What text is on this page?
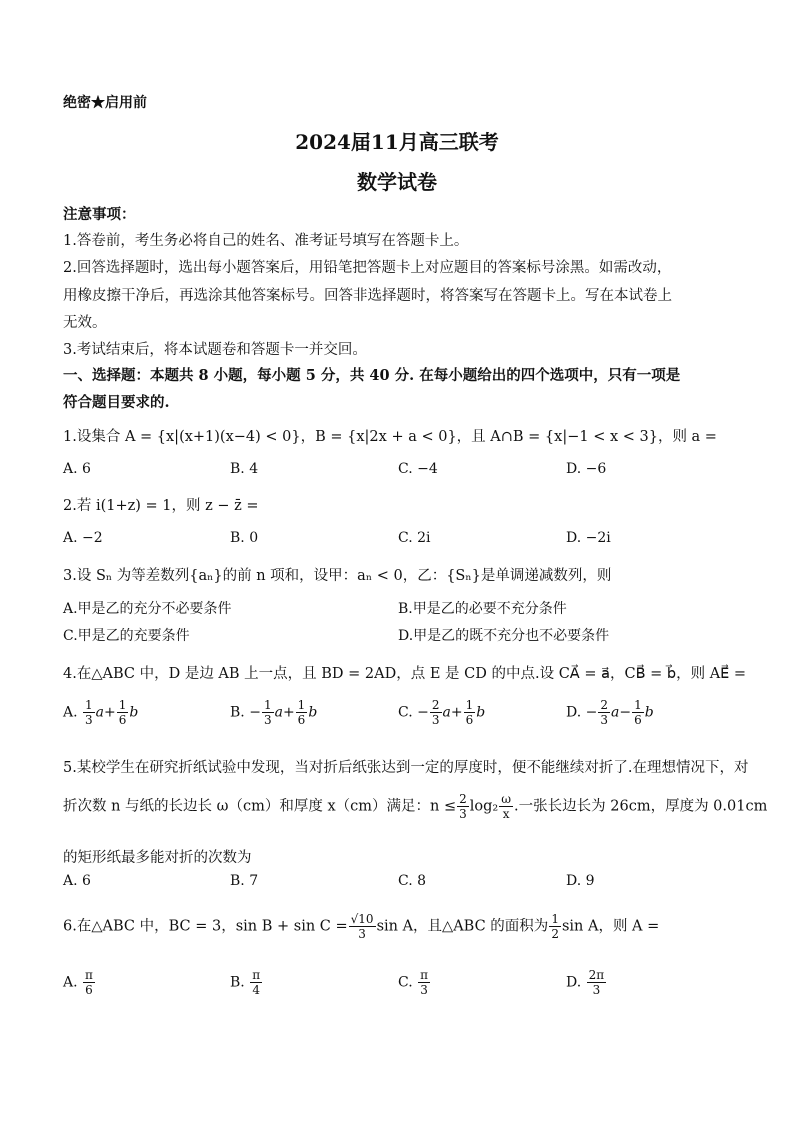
绝密★启用前
2024届11月高三联考
数学试卷
注意事项：
1.答卷前，考生务必将自己的姓名、准考证号填写在答题卡上。
2.回答选择题时，选出每小题答案后，用铅笔把答题卡上对应题目的答案标号涂黑。如需改动，
用橡皮擦干净后，再选涂其他答案标号。回答非选择题时，将答案写在答题卡上。写在本试卷上
无效。
3.考试结束后，将本试题卷和答题卡一并交回。
一、选择题：本题共 8 小题，每小题 5 分，共 40 分. 在每小题给出的四个选项中，只有一项是
符合题目要求的.
1.设集合 A = {x|(x+1)(x−4) < 0}，B = {x|2x + a < 0}，且 A∩B = {x|−1 < x < 3}，则 a =
A. 6	B. 4	C. −4	D. −6
2.若 i(1+z) = 1，则 z − z̄ =
A. −2	B. 0	C. 2i	D. −2i
3.设 Sₙ 为等差数列{aₙ}的前 n 项和，设甲：aₙ < 0，乙：{Sₙ}是单调递减数列，则
A.甲是乙的充分不必要条件	B.甲是乙的必要不充分条件
C.甲是乙的充要条件	D.甲是乙的既不充分也不必要条件
4.在△ABC 中，D 是边 AB 上一点，且 BD = 2AD，点 E 是 CD 的中点.设 CA⃗ = a⃗，CB⃗ = b⃗，则 AE⃗ =
A. $\frac{1}{3} a+ \frac{1}{6}$ b	B. − $\frac{1}{3} a+ \frac{1}{6}$ b	C. − $\frac{2}{3} a+ \frac{1}{6}$ b	D. − $\frac{2}{3} a- \frac{1}{6}$ b
5.某校学生在研究折纸试验中发现，当对折后纸张达到一定的厚度时，便不能继续对折了.在理想情况下，对
折次数 n 与纸的长边长 ω（cm）和厚度 x（cm）满足：$n \le \frac{2}{3} \log_2 \frac{\omega}{x}$ .一张长边长为 26cm，厚度为 0.01cm
的矩形纸最多能对折的次数为
A. 6	B. 7	C. 8	D. 9
6.在△ABC 中，BC = 3，$\sin B + \sin C = \frac{√10}{3}$ sin A，且△ABC 的面积为 $\frac{1}{2}$ sin A，则 A =
A. $\frac{\pi}{6}$	B. $\frac{\pi}{4}$	C. $\frac{\pi}{3}$	D. $\frac{2\pi}{3}$
